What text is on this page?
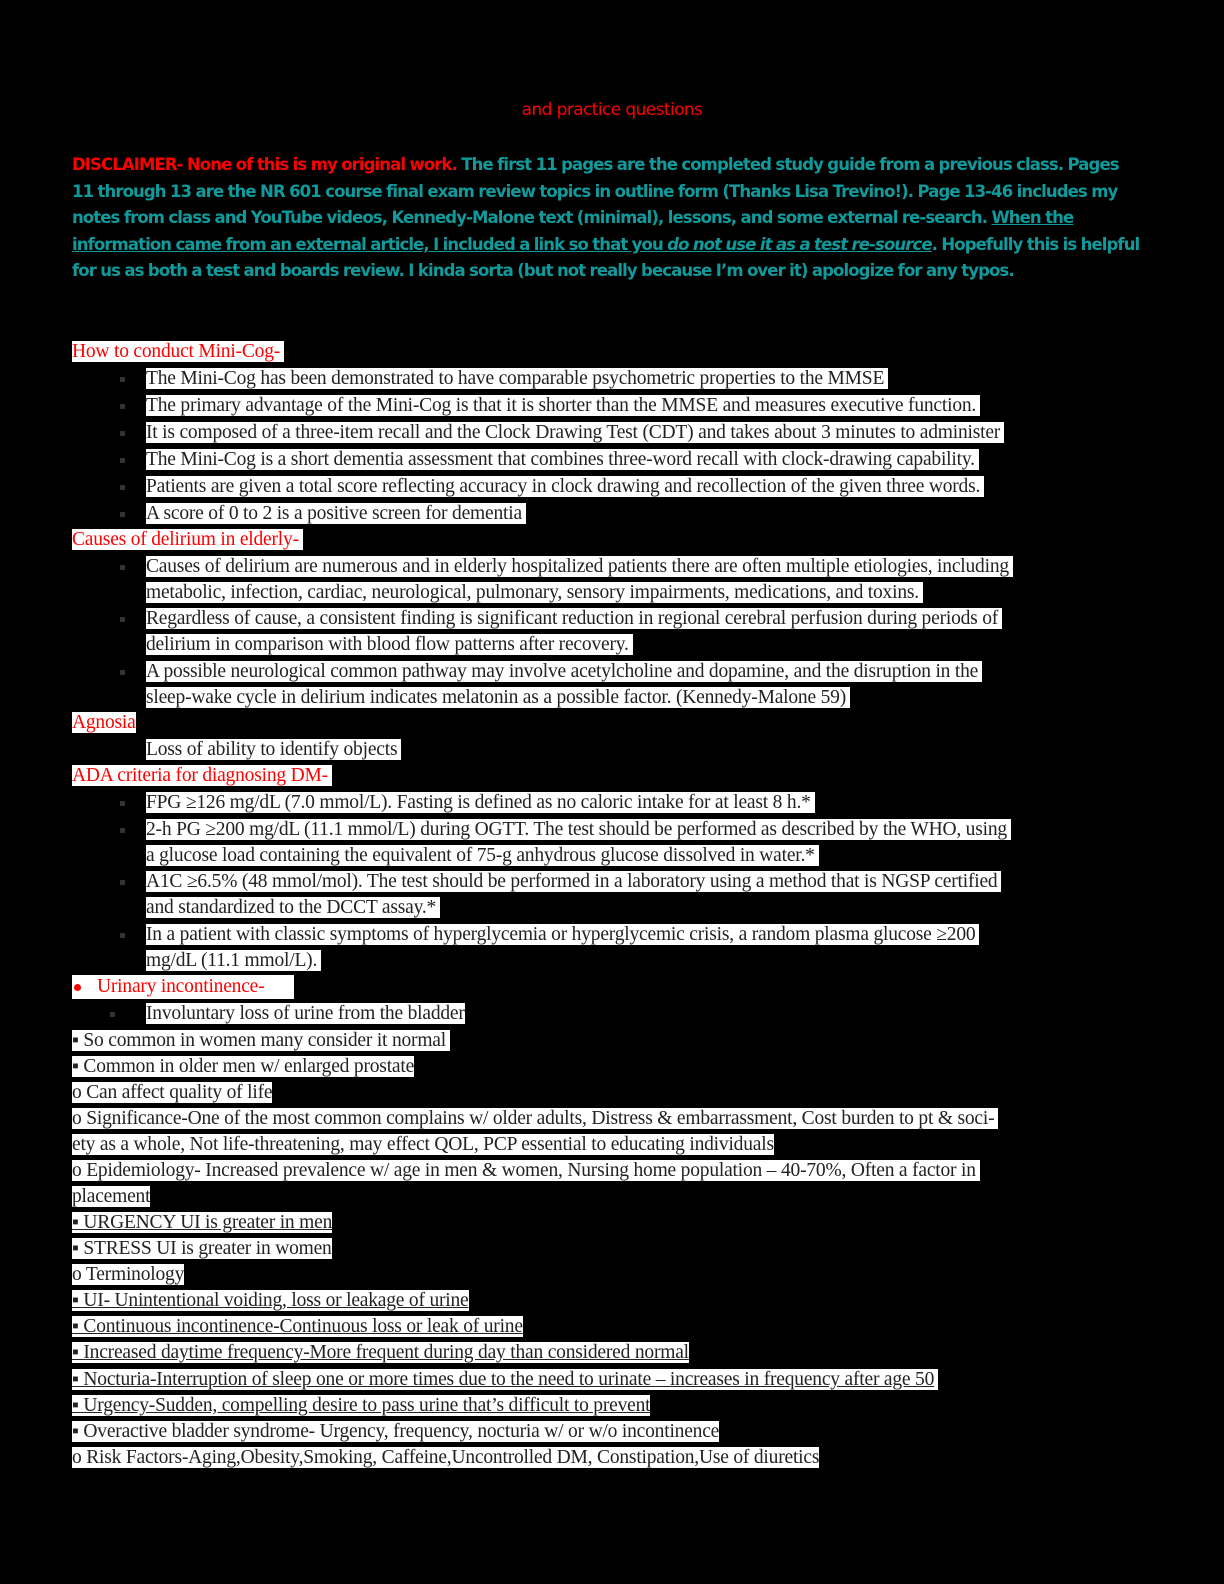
and practice questions
DISCLAIMER- None of this is my original work. The first 11 pages are the completed study guide from a previous class. Pages 11 through 13 are the NR 601 course final exam review topics in outline form (Thanks Lisa Trevino!). Page 13-46 includes my notes from class and YouTube videos, Kennedy-Malone text (minimal), lessons, and some external re-search. When the information came from an external article, I included a link so that you do not use it as a test re-source. Hopefully this is helpful for us as both a test and boards review. I kinda sorta (but not really because I’m over it) apologize for any typos.
How to conduct Mini-Cog-
The Mini-Cog has been demonstrated to have comparable psychometric properties to the MMSE
The primary advantage of the Mini-Cog is that it is shorter than the MMSE and measures executive function.
It is composed of a three-item recall and the Clock Drawing Test (CDT) and takes about 3 minutes to administer
The Mini-Cog is a short dementia assessment that combines three-word recall with clock-drawing capability.
Patients are given a total score reflecting accuracy in clock drawing and recollection of the given three words.
A score of 0 to 2 is a positive screen for dementia
Causes of delirium in elderly-
Causes of delirium are numerous and in elderly hospitalized patients there are often multiple etiologies, including
metabolic, infection, cardiac, neurological, pulmonary, sensory impairments, medications, and toxins.
Regardless of cause, a consistent finding is significant reduction in regional cerebral perfusion during periods of
delirium in comparison with blood flow patterns after recovery.
A possible neurological common pathway may involve acetylcholine and dopamine, and the disruption in the
sleep-wake cycle in delirium indicates melatonin as a possible factor. (Kennedy-Malone 59)
Agnosia
Loss of ability to identify objects
ADA criteria for diagnosing DM-
FPG ≥126 mg/dL (7.0 mmol/L). Fasting is defined as no caloric intake for at least 8 h.*
2-h PG ≥200 mg/dL (11.1 mmol/L) during OGTT. The test should be performed as described by the WHO, using
a glucose load containing the equivalent of 75-g anhydrous glucose dissolved in water.*
A1C ≥6.5% (48 mmol/mol). The test should be performed in a laboratory using a method that is NGSP certified
and standardized to the DCCT assay.*
In a patient with classic symptoms of hyperglycemia or hyperglycemic crisis, a random plasma glucose ≥200
mg/dL (11.1 mmol/L).
Urinary incontinence-
Involuntary loss of urine from the bladder
▪ So common in women many consider it normal
▪ Common in older men w/ enlarged prostate
o Can affect quality of life
o Significance-One of the most common complains w/ older adults, Distress & embarrassment, Cost burden to pt & soci-
ety as a whole, Not life-threatening, may effect QOL, PCP essential to educating individuals
o Epidemiology- Increased prevalence w/ age in men & women, Nursing home population – 40-70%, Often a factor in
placement
▪ URGENCY UI is greater in men
▪ STRESS UI is greater in women
o Terminology
▪ UI- Unintentional voiding, loss or leakage of urine
▪ Continuous incontinence-Continuous loss or leak of urine
▪ Increased daytime frequency-More frequent during day than considered normal
▪ Nocturia-Interruption of sleep one or more times due to the need to urinate – increases in frequency after age 50
▪ Urgency-Sudden, compelling desire to pass urine that’s difficult to prevent
▪ Overactive bladder syndrome- Urgency, frequency, nocturia w/ or w/o incontinence
o Risk Factors-Aging,Obesity,Smoking, Caffeine,Uncontrolled DM, Constipation,Use of diuretics
